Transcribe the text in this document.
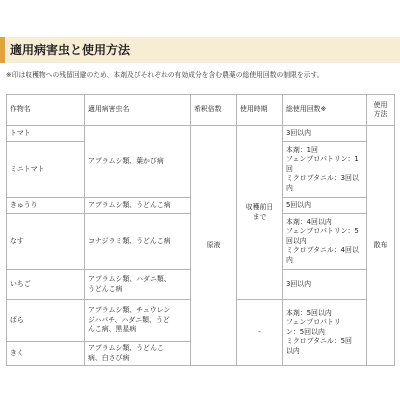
適用病害虫と使用方法
※印は収穫物への残留回避のため、本剤及びそれぞれの有効成分を含む農薬の総使用回数の制限を示す。
作物名	適用病害虫名	希釈倍数	使用時期	総使用回数※	使用
方法

トマト	アブラムシ類、葉かび病	原液	収穫前日
まで	3回以内	散布
ミニトマト				本剤：1回
フェンプロパトリン：1
回
ミクロブタニル：3回以
内	

きゅうり	アブラムシ類、うどんこ病			5回以内	
なす	コナジラミ類、うどんこ病			本剤：4回以内
フェンプロパトリン：5
回以内
ミクロブタニル：4回以
内	

いちご	アブラムシ類、ハダニ類、
うどんこ病			3回以内	
ばら	アブラムシ類、チュウレン
ジハバチ、ハダニ類、うど
んこ病、黒星病		-	本剤：5回以内
フェンプロパトリ
ン：5回以内
ミクロブタニル：5回
以内	

きく	アブラムシ類、うどんこ
病、白さび病				
